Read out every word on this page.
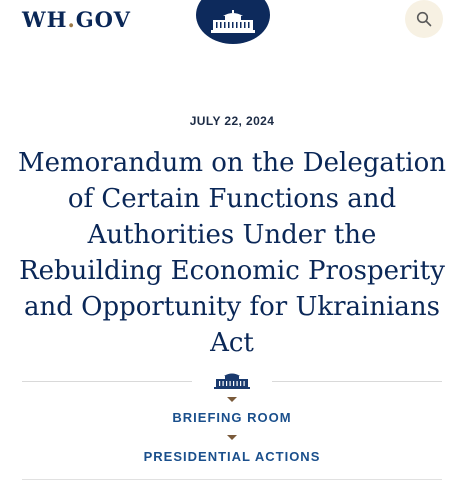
WH.GOV
JULY 22, 2024
Memorandum on the Delegation of Certain Functions and Authorities Under the Rebuilding Economic Prosperity and Opportunity for Ukrainians Act
BRIEFING ROOM
PRESIDENTIAL ACTIONS
